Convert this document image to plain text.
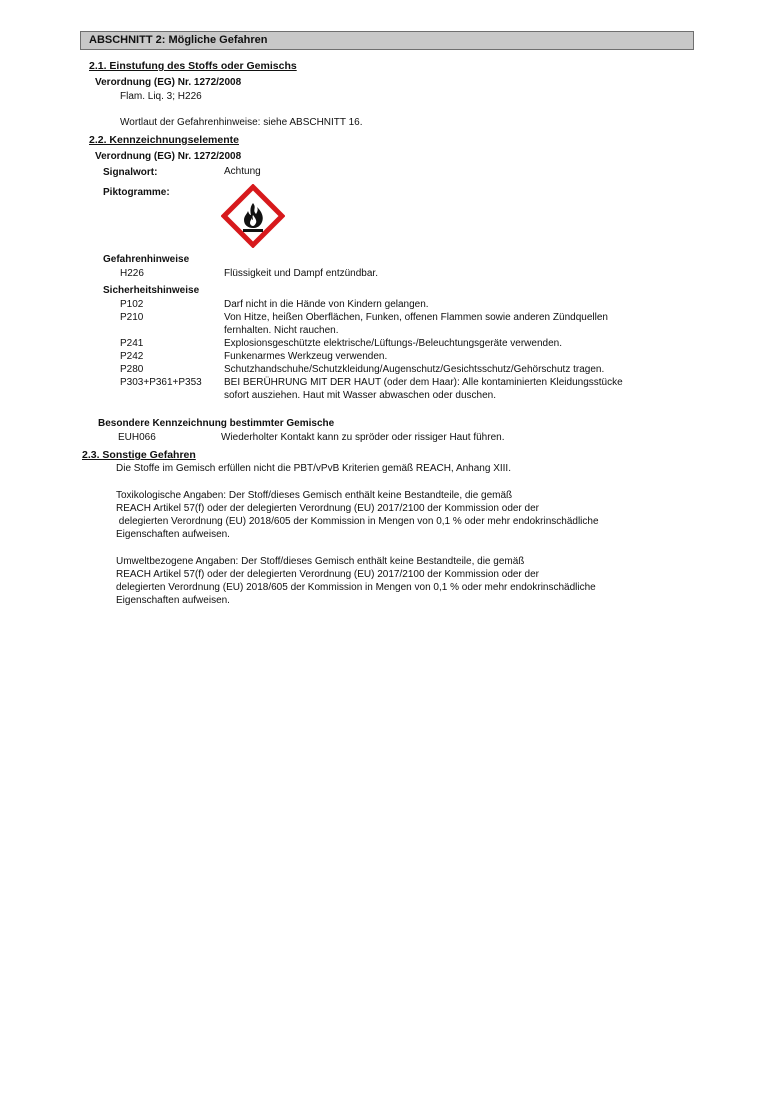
ABSCHNITT 2: Mögliche Gefahren
2.1. Einstufung des Stoffs oder Gemischs
Verordnung (EG) Nr. 1272/2008
Flam. Liq. 3; H226
Wortlaut der Gefahrenhinweise: siehe ABSCHNITT 16.
2.2. Kennzeichnungselemente
Verordnung (EG) Nr. 1272/2008
Signalwort:	Achtung
Piktogramme:
Gefahrenhinweise
H226	Flüssigkeit und Dampf entzündbar.
Sicherheitshinweise
P102	Darf nicht in die Hände von Kindern gelangen.
P210	Von Hitze, heißen Oberflächen, Funken, offenen Flammen sowie anderen Zündquellen
fernhalten. Nicht rauchen.
P241	Explosionsgeschützte elektrische/Lüftungs-/Beleuchtungsgeräte verwenden.
P242	Funkenarmes Werkzeug verwenden.
P280	Schutzhandschuhe/Schutzkleidung/Augenschutz/Gesichtsschutz/Gehörschutz tragen.
P303+P361+P353 BEI BERÜHRUNG MIT DER HAUT (oder dem Haar): Alle kontaminierten Kleidungsstücke
sofort ausziehen. Haut mit Wasser abwaschen oder duschen.
Besondere Kennzeichnung bestimmter Gemische
EUH066	Wiederholter Kontakt kann zu spröder oder rissiger Haut führen.
2.3. Sonstige Gefahren
Die Stoffe im Gemisch erfüllen nicht die PBT/vPvB Kriterien gemäß REACH, Anhang XIII.
Toxikologische Angaben: Der Stoff/dieses Gemisch enthält keine Bestandteile, die gemäß
REACH Artikel 57(f) oder der delegierten Verordnung (EU) 2017/2100 der Kommission oder der
delegierten Verordnung (EU) 2018/605 der Kommission in Mengen von 0,1 % oder mehr endokrinschädliche
Eigenschaften aufweisen.
Umweltbezogene Angaben: Der Stoff/dieses Gemisch enthält keine Bestandteile, die gemäß
REACH Artikel 57(f) oder der delegierten Verordnung (EU) 2017/2100 der Kommission oder der
delegierten Verordnung (EU) 2018/605 der Kommission in Mengen von 0,1 % oder mehr endokrinschädliche
Eigenschaften aufweisen.
